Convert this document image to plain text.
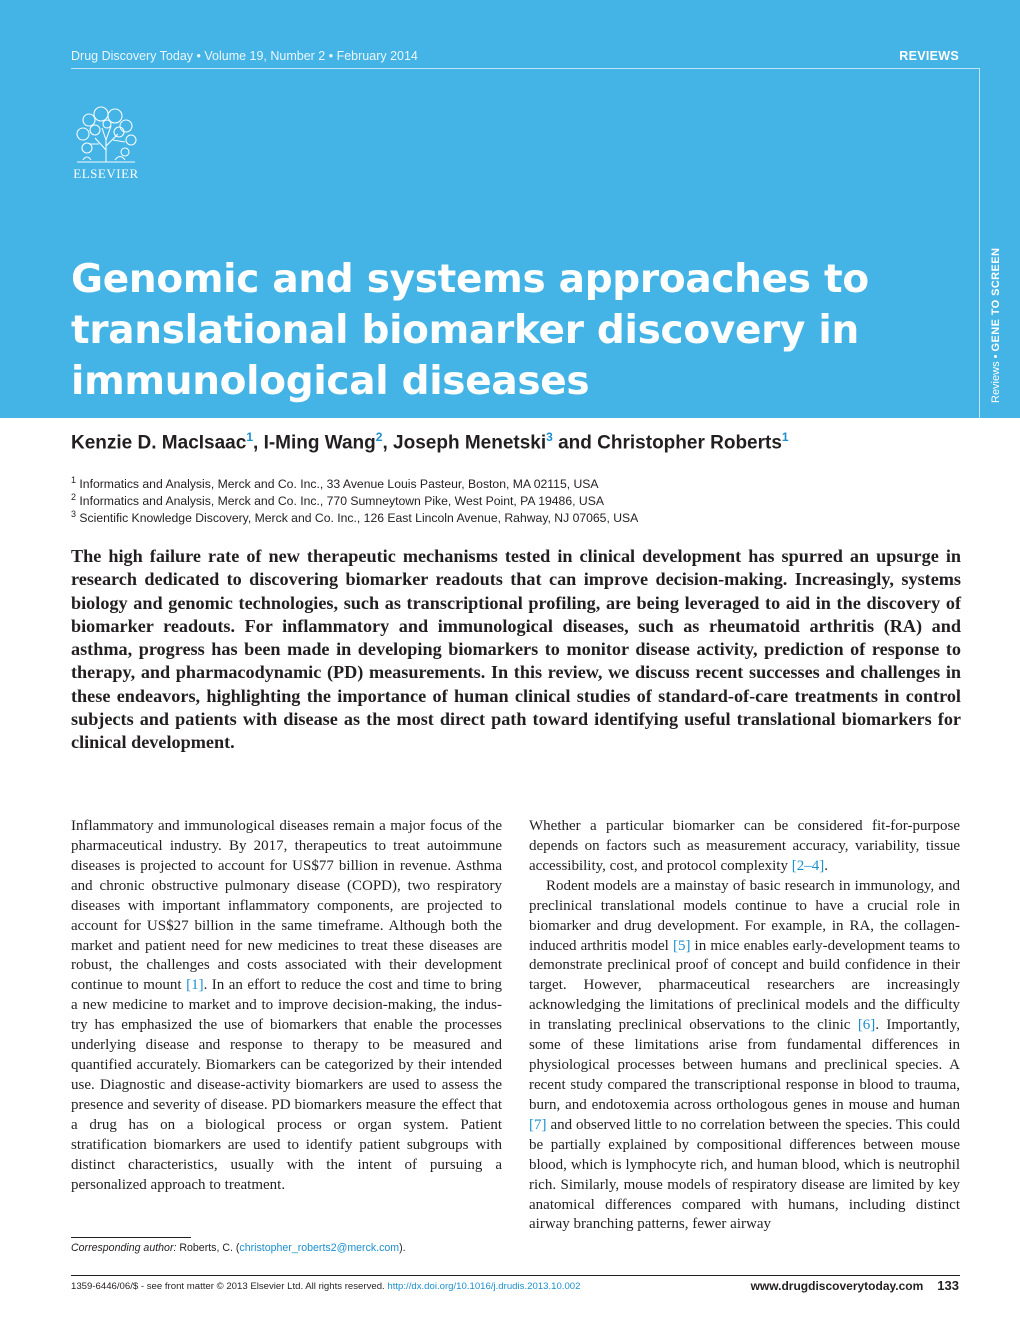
Drug Discovery Today • Volume 19, Number 2 • February 2014	REVIEWS
ELSEVIER
Reviews • GENE TO SCREEN
Genomic and systems approaches to
translational biomarker discovery in
immunological diseases
Kenzie D. MacIsaac$^1$, I-Ming Wang$^2$, Joseph Menetski$^3$ and Christopher Roberts$^1$
$^1$ Informatics and Analysis, Merck and Co. Inc., 33 Avenue Louis Pasteur, Boston, MA 02115, USA
$^2$ Informatics and Analysis, Merck and Co. Inc., 770 Sumneytown Pike, West Point, PA 19486, USA
$^3$ Scientific Knowledge Discovery, Merck and Co. Inc., 126 East Lincoln Avenue, Rahway, NJ 07065, USA

The high failure rate of new therapeutic mechanisms tested in clinical development has spurred an upsurge in research dedicated to discovering biomarker readouts that can improve decision-making. Increasingly, systems biology and genomic technologies, such as transcriptional profiling, are being leveraged to aid in the discovery of biomarker readouts. For inflammatory and immunological diseases, such as rheumatoid arthritis (RA) and asthma, progress has been made in developing biomarkers to monitor disease activity, prediction of response to therapy, and pharmacodynamic (PD) measurements. In this review, we discuss recent successes and challenges in these endeavors, highlighting the importance of human clinical studies of standard-of-care treatments in control subjects and patients with disease as the most direct path toward identifying useful translational biomarkers for clinical development.

Inflammatory and immunological diseases remain a major focus of the pharmaceutical industry. By 2017, therapeutics to treat autoimmune diseases is projected to account for US$77 billion in revenue. Asthma and chronic obstructive pulmonary disease (COPD), two respiratory diseases with important inflammatory components, are projected to account for US$27 billion in the same timeframe. Although both the market and patient need for new medicines to treat these diseases are robust, the challenges and costs associated with their development continue to mount [1]. In an effort to reduce the cost and time to bring a new medicine to market and to improve decision-making, the industry has emphasized the use of biomarkers that enable the processes underlying disease and response to therapy to be measured and quantified accurately. Biomarkers can be categorized by their intended use. Diagnostic and disease-activity biomarkers are used to assess the presence and severity of disease. PD biomarkers measure the effect that a drug has on a biological process or organ system. Patient stratification biomarkers are used to identify patient subgroups with distinct characteristics, usually with the intent of pursuing a personalized approach to treatment.

Whether a particular biomarker can be considered fit-for-purpose depends on factors such as measurement accuracy, variability, tissue accessibility, cost, and protocol complexity [2–4].

Rodent models are a mainstay of basic research in immunology, and preclinical translational models continue to have a crucial role in biomarker and drug development. For example, in RA, the collagen-induced arthritis model [5] in mice enables early-development teams to demonstrate preclinical proof of concept and build confidence in their target. However, pharmaceutical researchers are increasingly acknowledging the limitations of preclinical models and the difficulty in translating preclinical observations to the clinic [6]. Importantly, some of these limitations arise from fundamental differences in physiological processes between humans and preclinical species. A recent study compared the transcriptional response in blood to trauma, burn, and endotoxemia across orthologous genes in mouse and human [7] and observed little to no correlation between the species. This could be partially explained by compositional differences between mouse blood, which is lymphocyte rich, and human blood, which is neutrophil rich. Similarly, mouse models of respiratory disease are limited by key anatomical differences compared with humans, including distinct airway branching patterns, fewer airway

Corresponding author: Roberts, C. (christopher_roberts2@merck.com).
1359-6446/06/$ - see front matter © 2013 Elsevier Ltd. All rights reserved. http://dx.doi.org/10.1016/j.drudis.2013.10.002	www.drugdiscoverytoday.com 133
